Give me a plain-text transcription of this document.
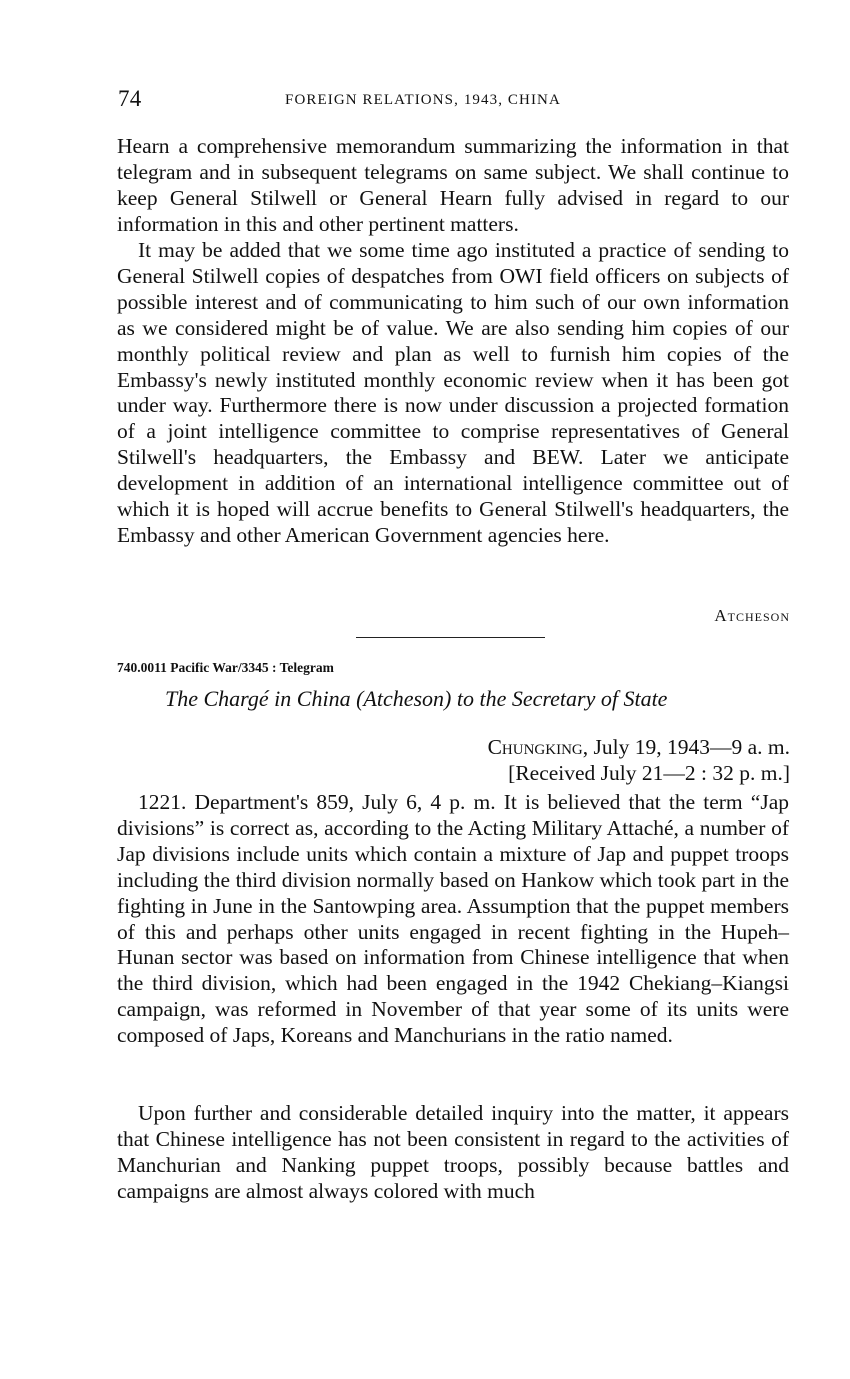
74	FOREIGN RELATIONS, 1943, CHINA

Hearn a comprehensive memorandum summarizing the information in that telegram and in subsequent telegrams on same subject. We shall continue to keep General Stilwell or General Hearn fully advised in regard to our information in this and other pertinent matters.

It may be added that we some time ago instituted a practice of sending to General Stilwell copies of despatches from OWI field officers on subjects of possible interest and of communicating to him such of our own information as we considered might be of value. We are also sending him copies of our monthly political review and plan as well to furnish him copies of the Embassy's newly instituted monthly economic review when it has been got under way. Furthermore there is now under discussion a projected formation of a joint intelligence committee to comprise representatives of General Stilwell's headquarters, the Embassy and BEW. Later we anticipate development in addition of an international intelligence committee out of which it is hoped will accrue benefits to General Stilwell's headquarters, the Embassy and other American Government agencies here.

Atcheson
740.0011 Pacific War/3345 : Telegram
The Chargé in China (Atcheson) to the Secretary of State
Chungking, July 19, 1943—9 a. m.
[Received July 21—2 : 32 p. m.]

1221. Department's 859, July 6, 4 p. m. It is believed that the term “Jap divisions” is correct as, according to the Acting Military Attaché, a number of Jap divisions include units which contain a mixture of Jap and puppet troops including the third division normally based on Hankow which took part in the fighting in June in the Santowping area. Assumption that the puppet members of this and perhaps other units engaged in recent fighting in the Hupeh–Hunan sector was based on information from Chinese intelligence that when the third division, which had been engaged in the 1942 Chekiang–Kiangsi campaign, was reformed in November of that year some of its units were composed of Japs, Koreans and Manchurians in the ratio named.

Upon further and considerable detailed inquiry into the matter, it appears that Chinese intelligence has not been consistent in regard to the activities of Manchurian and Nanking puppet troops, possibly because battles and campaigns are almost always colored with much
